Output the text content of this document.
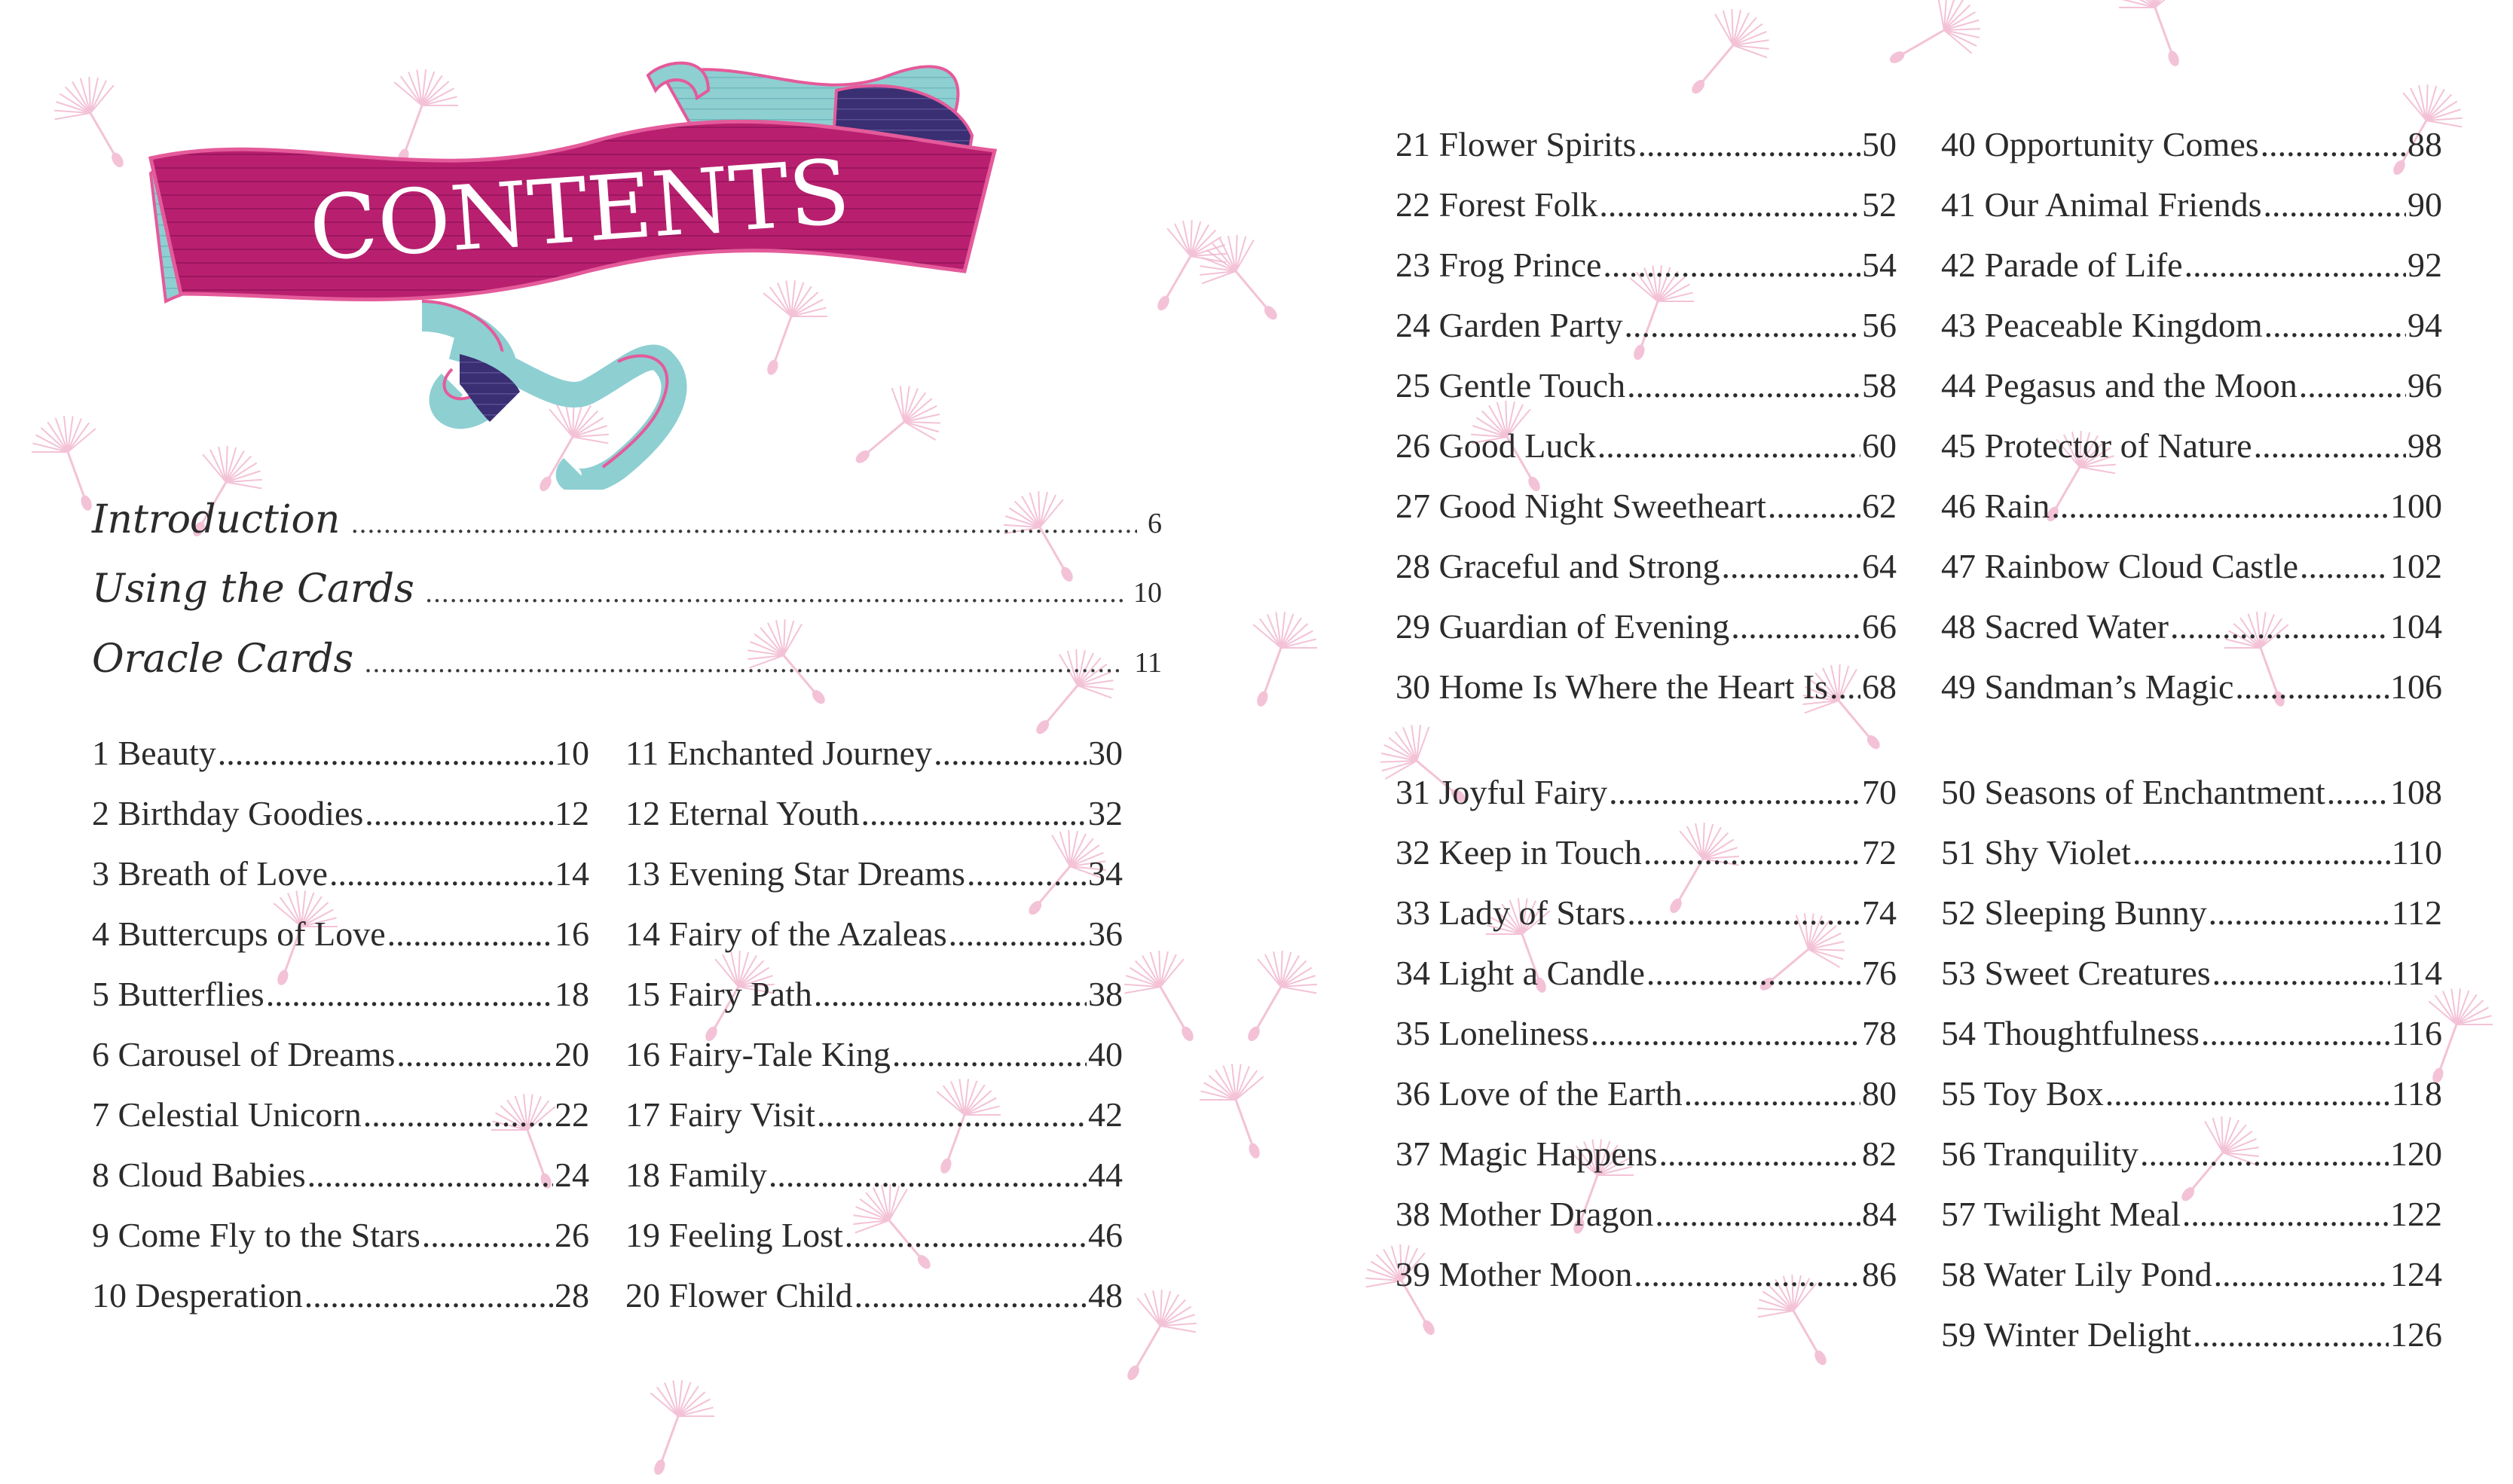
CONTENTS
Introduction .....	6
Using the Cards .....	10
Oracle Cards .....	11
1 Beauty .....	10
2 Birthday Goodies .....	12
3 Breath of Love .....	14
4 Buttercups of Love .....	16
5 Butterflies .....	18
6 Carousel of Dreams .....	20
7 Celestial Unicorn .....	22
8 Cloud Babies .....	24
9 Come Fly to the Stars .....	26
10 Desperation .....	28
11 Enchanted Journey .....	30
12 Eternal Youth .....	32
13 Evening Star Dreams .....	34
14 Fairy of the Azaleas .....	36
15 Fairy Path .....	38
16 Fairy-Tale King .....	40
17 Fairy Visit .....	42
18 Family .....	44
19 Feeling Lost .....	46
20 Flower Child .....	48
21 Flower Spirits .....	50
22 Forest Folk .....	52
23 Frog Prince .....	54
24 Garden Party .....	56
25 Gentle Touch .....	58
26 Good Luck .....	60
27 Good Night Sweetheart .....	62
28 Graceful and Strong .....	64
29 Guardian of Evening .....	66
30 Home Is Where the Heart Is ..... 68
31 Joyful Fairy .....	70
32 Keep in Touch .....	72
33 Lady of Stars .....	74
34 Light a Candle .....	76
35 Loneliness .....	78
36 Love of the Earth .....	80
37 Magic Happens .....	82
38 Mother Dragon .....	84
39 Mother Moon .....	86
40 Opportunity Comes .....	88
41 Our Animal Friends .....	90
42 Parade of Life .....	92
43 Peaceable Kingdom .....	94
44 Pegasus and the Moon .....	96
45 Protector of Nature .....	98
46 Rain .....	100
47 Rainbow Cloud Castle .....	102
48 Sacred Water .....	104
49 Sandman’s Magic .....	106
50 Seasons of Enchantment ..... 108
51 Shy Violet .....	110
52 Sleeping Bunny .....	112
53 Sweet Creatures .....	114
54 Thoughtfulness .....	116
55 Toy Box .....	118
56 Tranquility .....	120
57 Twilight Meal .....	122
58 Water Lily Pond .....	124
59 Winter Delight .....	126
